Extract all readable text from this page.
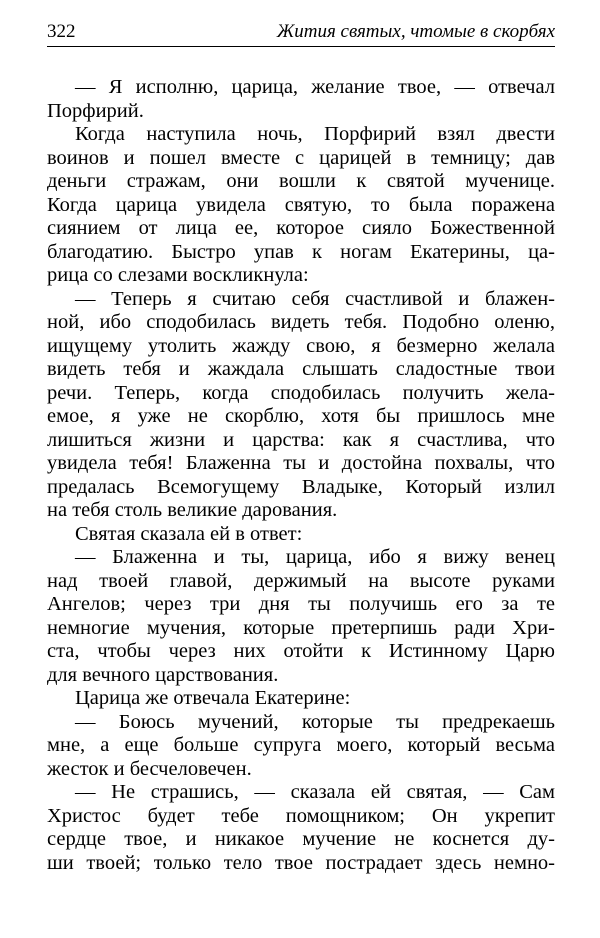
322	Жития святых, чтомые в скорбях
— Я исполню, царица, желание твое, — отвечал
Порфирий.
Когда наступила ночь, Порфирий взял двести
воинов и пошел вместе с царицей в темницу; дав
деньги стражам, они вошли к святой мученице.
Когда царица увидела святую, то была поражена
сиянием от лица ее, которое сияло Божественной
благодатию. Быстро упав к ногам Екатерины, ца-
рица со слезами воскликнула:
— Теперь я считаю себя счастливой и блажен-
ной, ибо сподобилась видеть тебя. Подобно оленю,
ищущему утолить жажду свою, я безмерно желала
видеть тебя и жаждала слышать сладостные твои
речи. Теперь, когда сподобилась получить жела-
емое, я уже не скорблю, хотя бы пришлось мне
лишиться жизни и царства: как я счастлива, что
увидела тебя! Блаженна ты и достойна похвалы, что
предалась Всемогущему Владыке, Который излил
на тебя столь великие дарования.
Святая сказала ей в ответ:
— Блаженна и ты, царица, ибо я вижу венец
над твоей главой, держимый на высоте руками
Ангелов; через три дня ты получишь его за те
немногие мучения, которые претерпишь ради Хри-
ста, чтобы через них отойти к Истинному Царю
для вечного царствования.
Царица же отвечала Екатерине:
— Боюсь мучений, которые ты предрекаешь
мне, а еще больше супруга моего, который весьма
жесток и бесчеловечен.
— Не страшись, — сказала ей святая, — Сам
Христос будет тебе помощником; Он укрепит
сердце твое, и никакое мучение не коснется ду-
ши твоей; только тело твое пострадает здесь немно-
